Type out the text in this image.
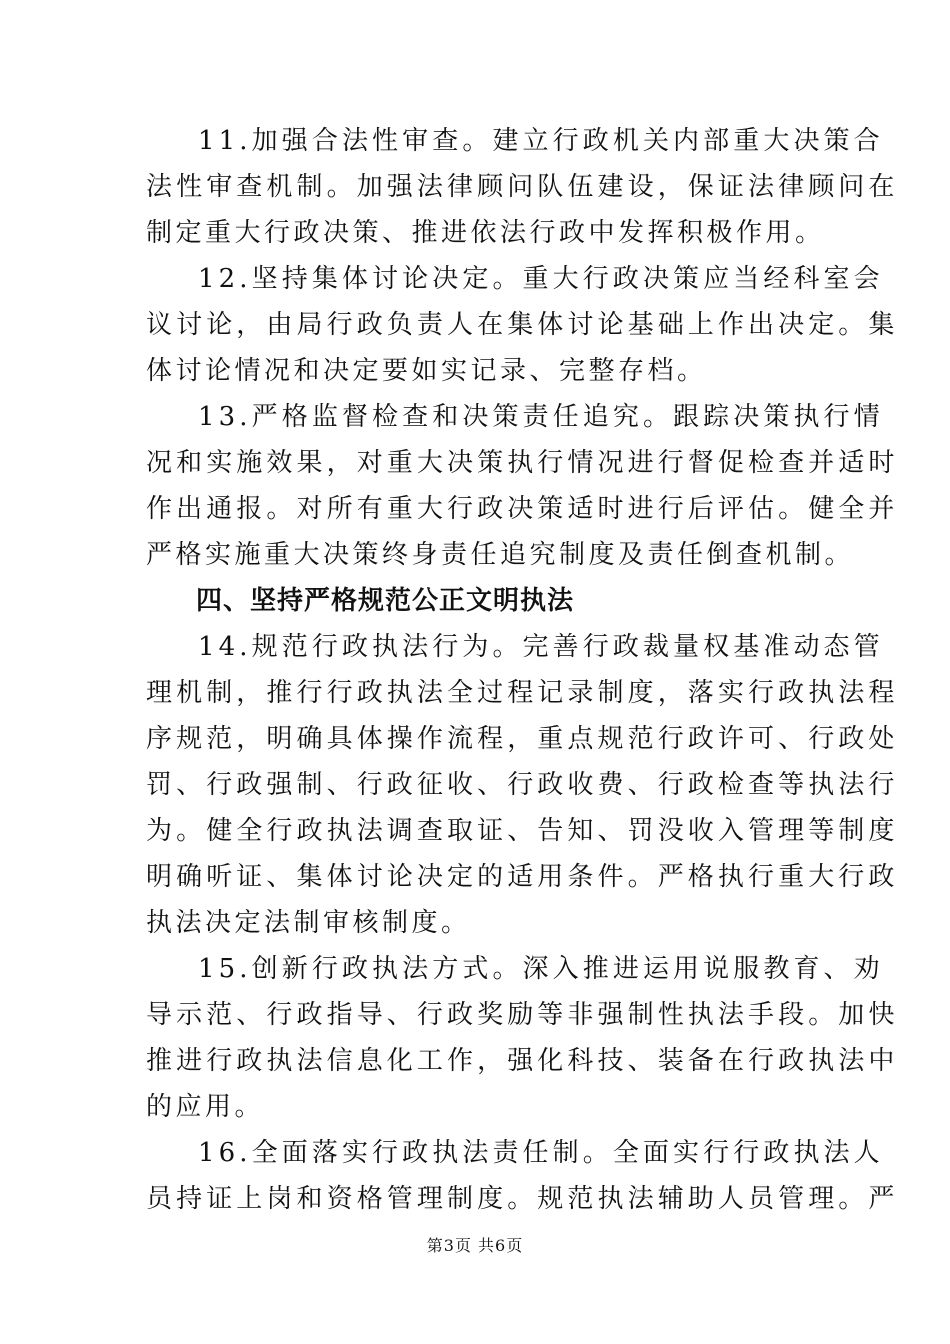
11.加强合法性审查。建立行政机关内部重大决策合
法性审查机制。加强法律顾问队伍建设，保证法律顾问在
制定重大行政决策、推进依法行政中发挥积极作用。
12.坚持集体讨论决定。重大行政决策应当经科室会
议讨论，由局行政负责人在集体讨论基础上作出决定。集
体讨论情况和决定要如实记录、完整存档。
13.严格监督检查和决策责任追究。跟踪决策执行情
况和实施效果，对重大决策执行情况进行督促检查并适时
作出通报。对所有重大行政决策适时进行后评估。健全并
严格实施重大决策终身责任追究制度及责任倒查机制。
四、坚持严格规范公正文明执法
14.规范行政执法行为。完善行政裁量权基准动态管
理机制，推行行政执法全过程记录制度，落实行政执法程
序规范，明确具体操作流程，重点规范行政许可、行政处
罚、行政强制、行政征收、行政收费、行政检查等执法行
为。健全行政执法调查取证、告知、罚没收入管理等制度
明确听证、集体讨论决定的适用条件。严格执行重大行政
执法决定法制审核制度。
15.创新行政执法方式。深入推进运用说服教育、劝
导示范、行政指导、行政奖励等非强制性执法手段。加快
推进行政执法信息化工作，强化科技、装备在行政执法中
的应用。
16.全面落实行政执法责任制。全面实行行政执法人
员持证上岗和资格管理制度。规范执法辅助人员管理。严
第3页 共6页
